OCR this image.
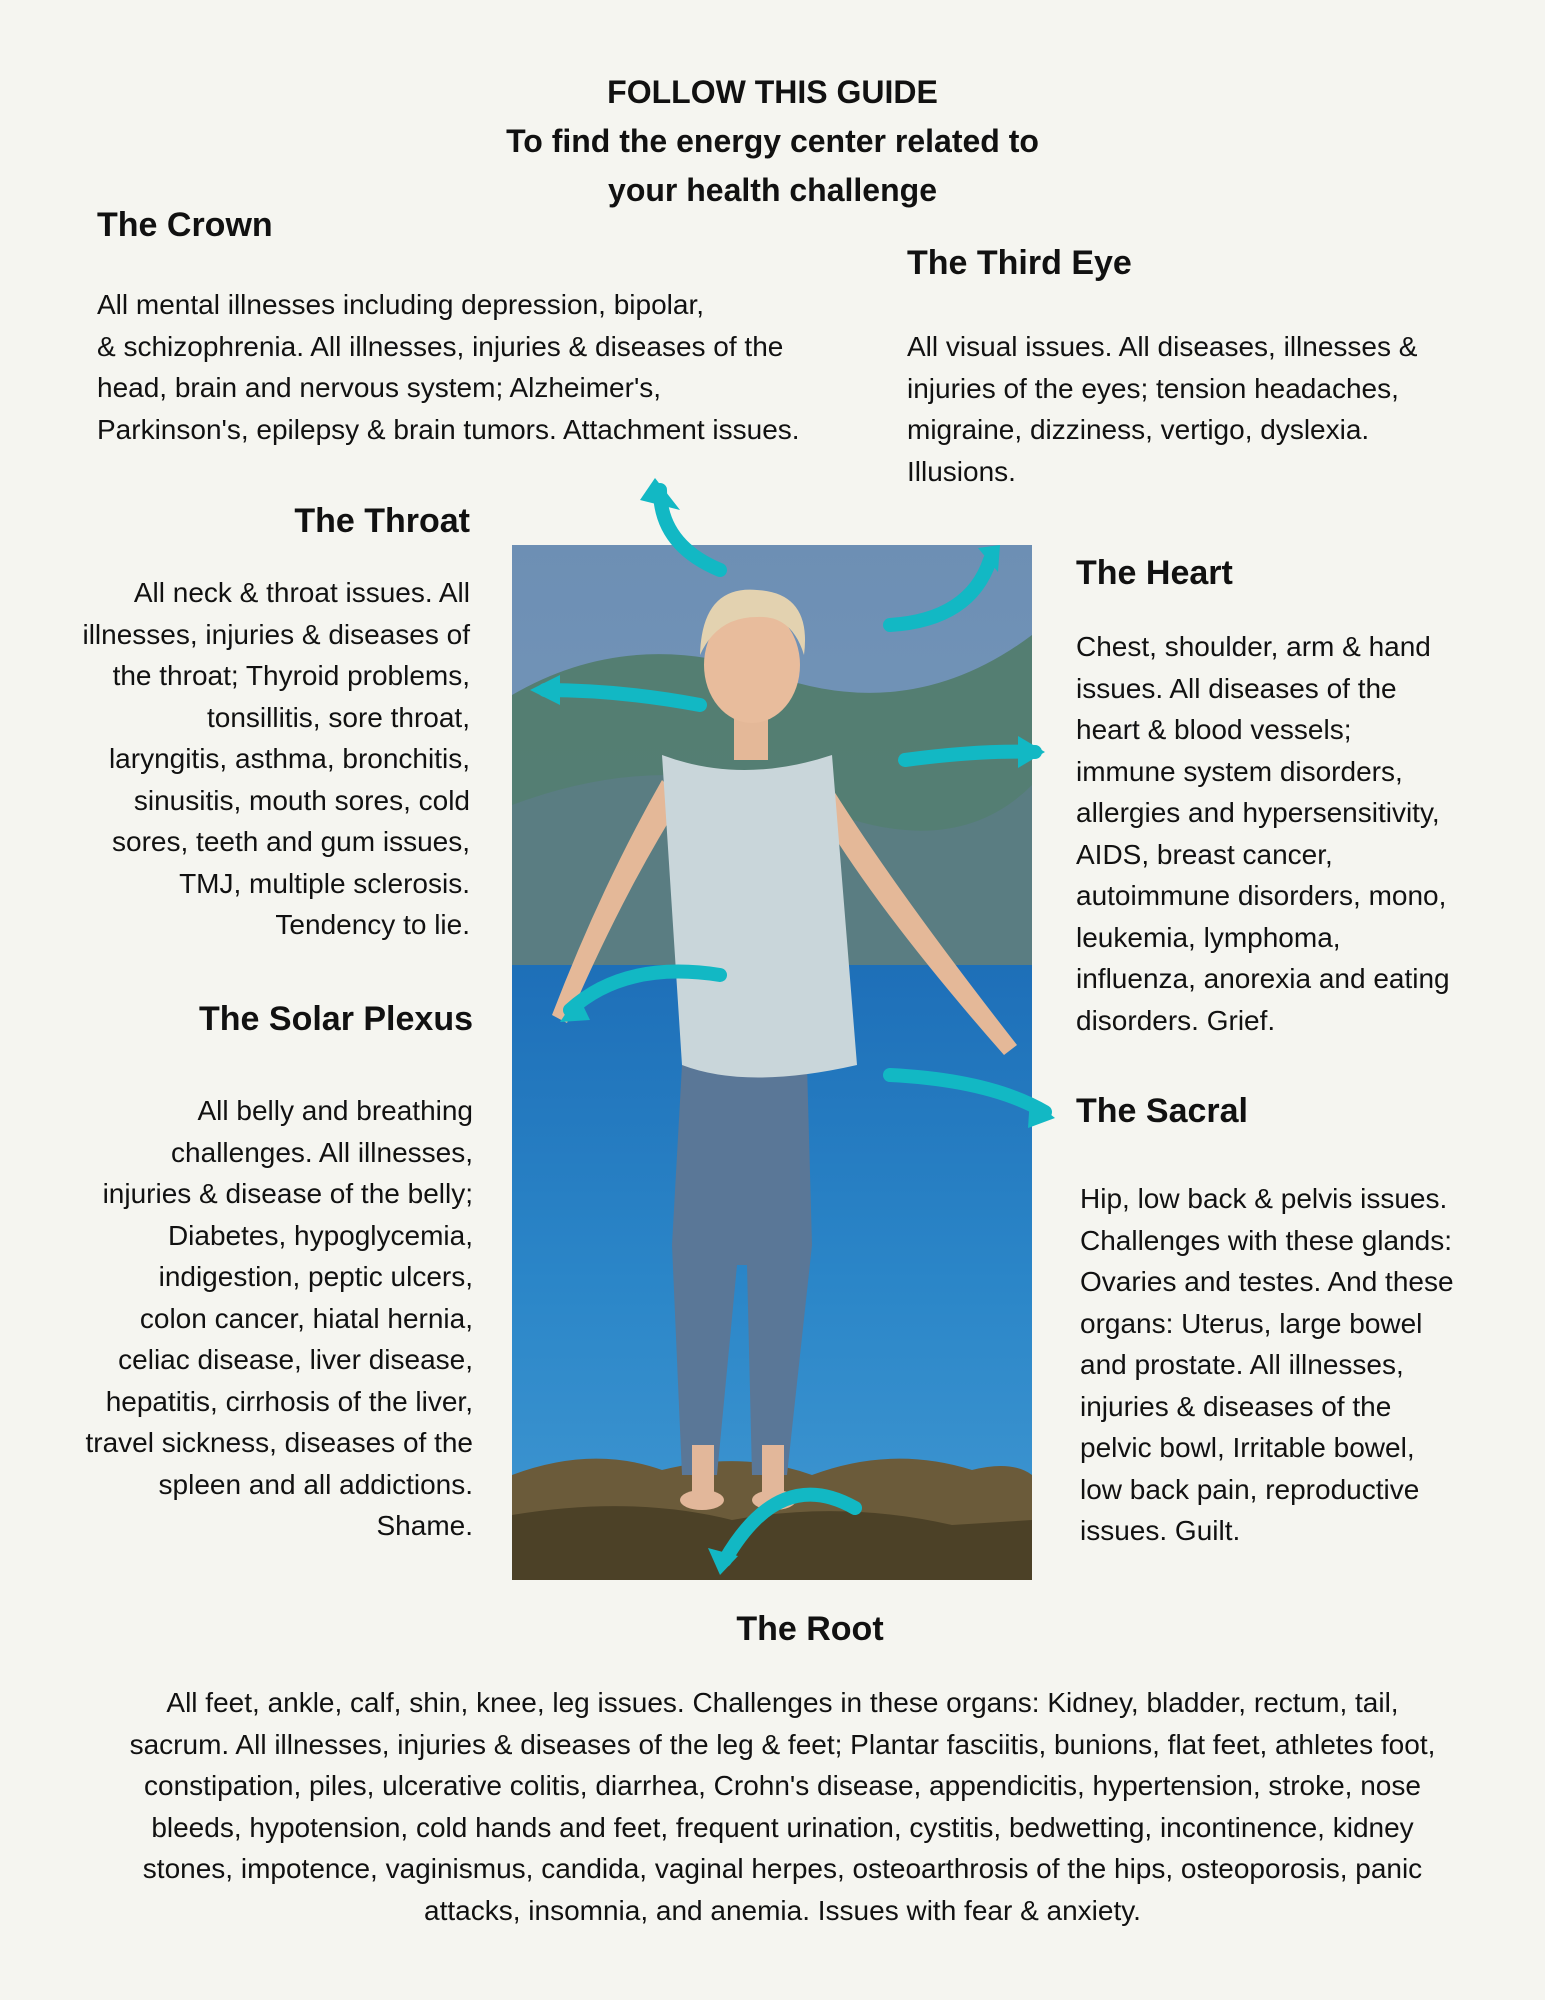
FOLLOW THIS GUIDE
To find the energy center related to
your health challenge
The Crown
All mental illnesses including depression, bipolar,
& schizophrenia. All illnesses, injuries & diseases of the
head, brain and nervous system; Alzheimer's,
Parkinson's, epilepsy & brain tumors. Attachment issues.
The Third Eye
All visual issues. All diseases, illnesses &
injuries of the eyes; tension headaches,
migraine, dizziness, vertigo, dyslexia.
Illusions.
The Throat
All neck & throat issues. All
illnesses, injuries & diseases of
the throat; Thyroid problems,
tonsillitis, sore throat,
laryngitis, asthma, bronchitis,
sinusitis, mouth sores, cold
sores, teeth and gum issues,
TMJ, multiple sclerosis.
Tendency to lie.
The Heart
Chest, shoulder, arm & hand
issues. All diseases of the
heart & blood vessels;
immune system disorders,
allergies and hypersensitivity,
AIDS, breast cancer,
autoimmune disorders, mono,
leukemia, lymphoma,
influenza, anorexia and eating
disorders. Grief.
The Solar Plexus
All belly and breathing
challenges. All illnesses,
injuries & disease of the belly;
Diabetes, hypoglycemia,
indigestion, peptic ulcers,
colon cancer, hiatal hernia,
celiac disease, liver disease,
hepatitis, cirrhosis of the liver,
travel sickness, diseases of the
spleen and all addictions.
Shame.
The Sacral
Hip, low back & pelvis issues.
Challenges with these glands:
Ovaries and testes. And these
organs: Uterus, large bowel
and prostate. All illnesses,
injuries & diseases of the
pelvic bowl, Irritable bowel,
low back pain, reproductive
issues. Guilt.
The Root
All feet, ankle, calf, shin, knee, leg issues. Challenges in these organs: Kidney, bladder, rectum, tail,
sacrum. All illnesses, injuries & diseases of the leg & feet; Plantar fasciitis, bunions, flat feet, athletes foot,
constipation, piles, ulcerative colitis, diarrhea, Crohn's disease, appendicitis, hypertension, stroke, nose
bleeds, hypotension, cold hands and feet, frequent urination, cystitis, bedwetting, incontinence, kidney
stones, impotence, vaginismus, candida, vaginal herpes, osteoarthrosis of the hips, osteoporosis, panic
attacks, insomnia, and anemia. Issues with fear & anxiety.
